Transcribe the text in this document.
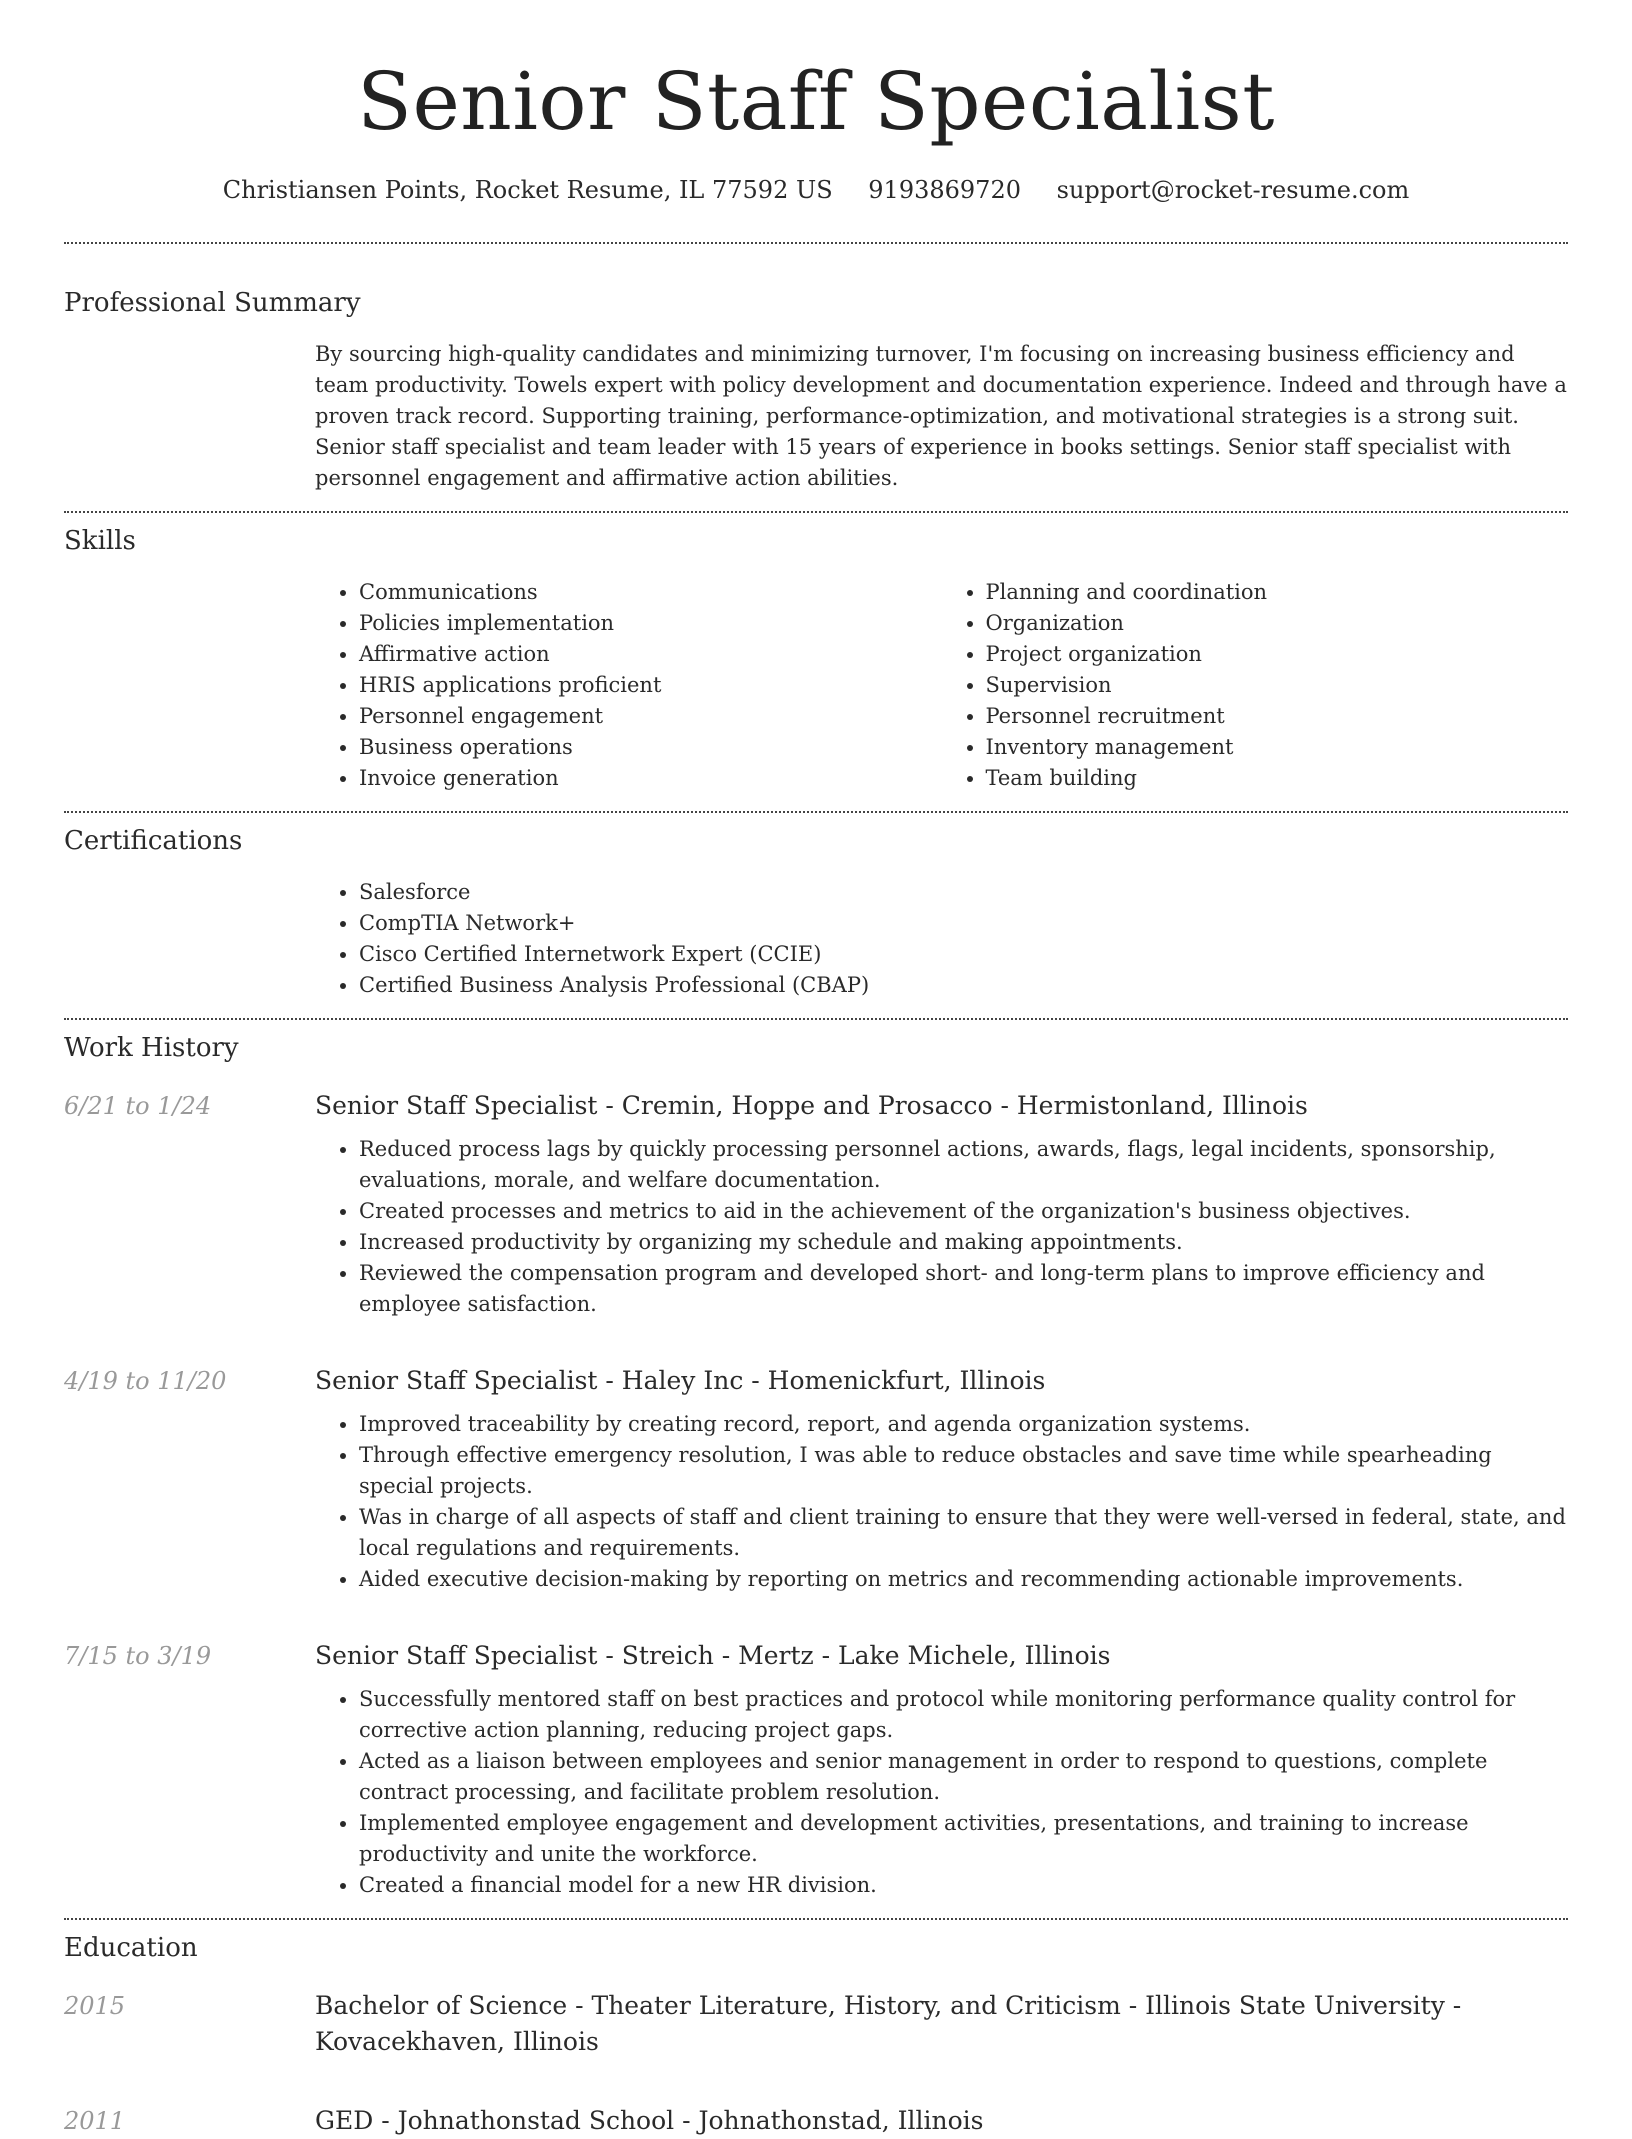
Senior Staff Specialist
Christiansen Points, Rocket Resume, IL 77592 US 9193869720 support@rocket-resume.com
Professional Summary

By sourcing high-quality candidates and minimizing turnover, I'm focusing on increasing business efficiency and team productivity. Towels expert with policy development and documentation experience. Indeed and through have a proven track record. Supporting training, performance-optimization, and motivational strategies is a strong suit. Senior staff specialist and team leader with 15 years of experience in books settings. Senior staff specialist with personnel engagement and affirmative action abilities.

Skills
• Communications
• Policies implementation
• Affirmative action
• HRIS applications proficient
• Personnel engagement
• Business operations
• Invoice generation
• Planning and coordination
• Organization
• Project organization
• Supervision
• Personnel recruitment
• Inventory management
• Team building
Certifications
• Salesforce
• CompTIA Network+
• Cisco Certified Internetwork Expert (CCIE)
• Certified Business Analysis Professional (CBAP)
Work History
6/21 to 1/24	Senior Staff Specialist - Cremin, Hoppe and Prosacco - Hermistonland, Illinois
• Reduced process lags by quickly processing personnel actions, awards, flags, legal incidents, sponsorship, evaluations, morale, and welfare documentation.
• Created processes and metrics to aid in the achievement of the organization's business objectives.
• Increased productivity by organizing my schedule and making appointments.
• Reviewed the compensation program and developed short- and long-term plans to improve efficiency and employee satisfaction.
4/19 to 11/20	Senior Staff Specialist - Haley Inc - Homenickfurt, Illinois
• Improved traceability by creating record, report, and agenda organization systems.
• Through effective emergency resolution, I was able to reduce obstacles and save time while spearheading special projects.
• Was in charge of all aspects of staff and client training to ensure that they were well-versed in federal, state, and local regulations and requirements.
• Aided executive decision-making by reporting on metrics and recommending actionable improvements.
7/15 to 3/19	Senior Staff Specialist - Streich - Mertz - Lake Michele, Illinois
• Successfully mentored staff on best practices and protocol while monitoring performance quality control for corrective action planning, reducing project gaps.
• Acted as a liaison between employees and senior management in order to respond to questions, complete contract processing, and facilitate problem resolution.
• Implemented employee engagement and development activities, presentations, and training to increase productivity and unite the workforce.
• Created a financial model for a new HR division.
Education
2015	Bachelor of Science - Theater Literature, History, and Criticism - Illinois State University - Kovacekhaven, Illinois
2011	GED - Johnathonstad School - Johnathonstad, Illinois
